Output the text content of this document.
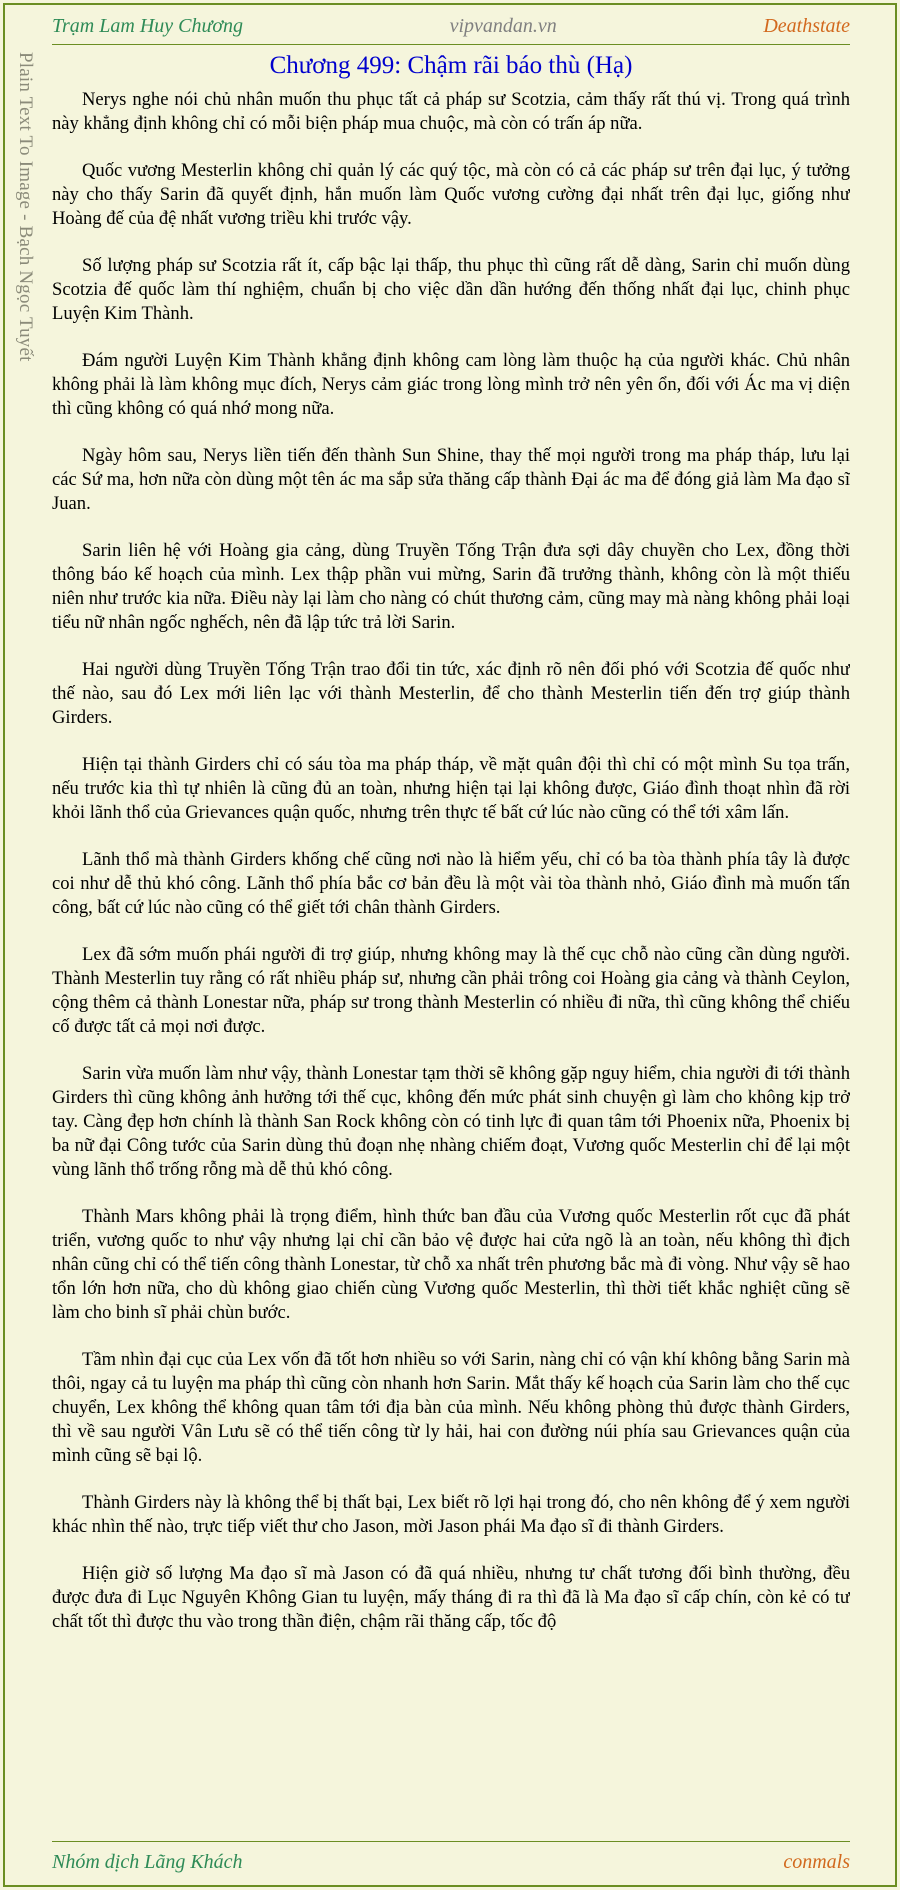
Trạm Lam Huy Chương	vipvandan.vn	Deathstate
Plain Text To Image - Bạch Ngọc Tuyết	Chương 499: Chậm rãi báo thù (Hạ)

Nerys nghe nói chủ nhân muốn thu phục tất cả pháp sư Scotzia, cảm thấy rất thú vị. Trong quá trình này khẳng định không chỉ có mỗi biện pháp mua chuộc, mà còn có trấn áp nữa.

Quốc vương Mesterlin không chỉ quản lý các quý tộc, mà còn có cả các pháp sư trên đại lục, ý tưởng này cho thấy Sarin đã quyết định, hắn muốn làm Quốc vương cường đại nhất trên đại lục, giống như Hoàng đế của đệ nhất vương triều khi trước vậy.

Số lượng pháp sư Scotzia rất ít, cấp bậc lại thấp, thu phục thì cũng rất dễ dàng, Sarin chỉ muốn dùng Scotzia đế quốc làm thí nghiệm, chuẩn bị cho việc dần dần hướng đến thống nhất đại lục, chinh phục Luyện Kim Thành.

Đám người Luyện Kim Thành khẳng định không cam lòng làm thuộc hạ của người khác. Chủ nhân không phải là làm không mục đích, Nerys cảm giác trong lòng mình trở nên yên ổn, đối với Ác ma vị diện thì cũng không có quá nhớ mong nữa.

Ngày hôm sau, Nerys liền tiến đến thành Sun Shine, thay thế mọi người trong ma pháp tháp, lưu lại các Sứ ma, hơn nữa còn dùng một tên ác ma sắp sửa thăng cấp thành Đại ác ma để đóng giả làm Ma đạo sĩ Juan.

Sarin liên hệ với Hoàng gia cảng, dùng Truyền Tống Trận đưa sợi dây chuyền cho Lex, đồng thời thông báo kế hoạch của mình. Lex thập phần vui mừng, Sarin đã trưởng thành, không còn là một thiếu niên như trước kia nữa. Điều này lại làm cho nàng có chút thương cảm, cũng may mà nàng không phải loại tiểu nữ nhân ngốc nghếch, nên đã lập tức trả lời Sarin.

Hai người dùng Truyền Tống Trận trao đổi tin tức, xác định rõ nên đối phó với Scotzia đế quốc như thế nào, sau đó Lex mới liên lạc với thành Mesterlin, để cho thành Mesterlin tiến đến trợ giúp thành Girders.

Hiện tại thành Girders chỉ có sáu tòa ma pháp tháp, về mặt quân đội thì chỉ có một mình Su tọa trấn, nếu trước kia thì tự nhiên là cũng đủ an toàn, nhưng hiện tại lại không được, Giáo đình thoạt nhìn đã rời khỏi lãnh thổ của Grievances quận quốc, nhưng trên thực tế bất cứ lúc nào cũng có thể tới xâm lấn.

Lãnh thổ mà thành Girders khống chế cũng nơi nào là hiểm yếu, chỉ có ba tòa thành phía tây là được coi như dễ thủ khó công. Lãnh thổ phía bắc cơ bản đều là một vài tòa thành nhỏ, Giáo đình mà muốn tấn công, bất cứ lúc nào cũng có thể giết tới chân thành Girders.

Lex đã sớm muốn phái người đi trợ giúp, nhưng không may là thế cục chỗ nào cũng cần dùng người. Thành Mesterlin tuy rằng có rất nhiều pháp sư, nhưng cần phải trông coi Hoàng gia cảng và thành Ceylon, cộng thêm cả thành Lonestar nữa, pháp sư trong thành Mesterlin có nhiều đi nữa, thì cũng không thể chiếu cố được tất cả mọi nơi được.

Sarin vừa muốn làm như vậy, thành Lonestar tạm thời sẽ không gặp nguy hiểm, chia người đi tới thành Girders thì cũng không ảnh hưởng tới thế cục, không đến mức phát sinh chuyện gì làm cho không kịp trở tay. Càng đẹp hơn chính là thành San Rock không còn có tinh lực đi quan tâm tới Phoenix nữa, Phoenix bị ba nữ đại Công tước của Sarin dùng thủ đoạn nhẹ nhàng chiếm đoạt, Vương quốc Mesterlin chỉ để lại một vùng lãnh thổ trống rỗng mà dễ thủ khó công.

Thành Mars không phải là trọng điểm, hình thức ban đầu của Vương quốc Mesterlin rốt cục đã phát triển, vương quốc to như vậy nhưng lại chỉ cần bảo vệ được hai cửa ngõ là an toàn, nếu không thì địch nhân cũng chỉ có thể tiến công thành Lonestar, từ chỗ xa nhất trên phương bắc mà đi vòng. Như vậy sẽ hao tổn lớn hơn nữa, cho dù không giao chiến cùng Vương quốc Mesterlin, thì thời tiết khắc nghiệt cũng sẽ làm cho binh sĩ phải chùn bước.

Tầm nhìn đại cục của Lex vốn đã tốt hơn nhiều so với Sarin, nàng chỉ có vận khí không bằng Sarin mà thôi, ngay cả tu luyện ma pháp thì cũng còn nhanh hơn Sarin. Mắt thấy kế hoạch của Sarin làm cho thế cục chuyển, Lex không thể không quan tâm tới địa bàn của mình. Nếu không phòng thủ được thành Girders, thì về sau người Vân Lưu sẽ có thể tiến công từ ly hải, hai con đường núi phía sau Grievances quận của mình cũng sẽ bại lộ.

Thành Girders này là không thể bị thất bại, Lex biết rõ lợi hại trong đó, cho nên không để ý xem người khác nhìn thế nào, trực tiếp viết thư cho Jason, mời Jason phái Ma đạo sĩ đi thành Girders.

Hiện giờ số lượng Ma đạo sĩ mà Jason có đã quá nhiều, nhưng tư chất tương đối bình thường, đều được đưa đi Lục Nguyên Không Gian tu luyện, mấy tháng đi ra thì đã là Ma đạo sĩ cấp chín, còn kẻ có tư chất tốt thì được thu vào trong thần điện, chậm rãi thăng cấp, tốc độ

Nhóm dịch Lãng Khách	conmals
